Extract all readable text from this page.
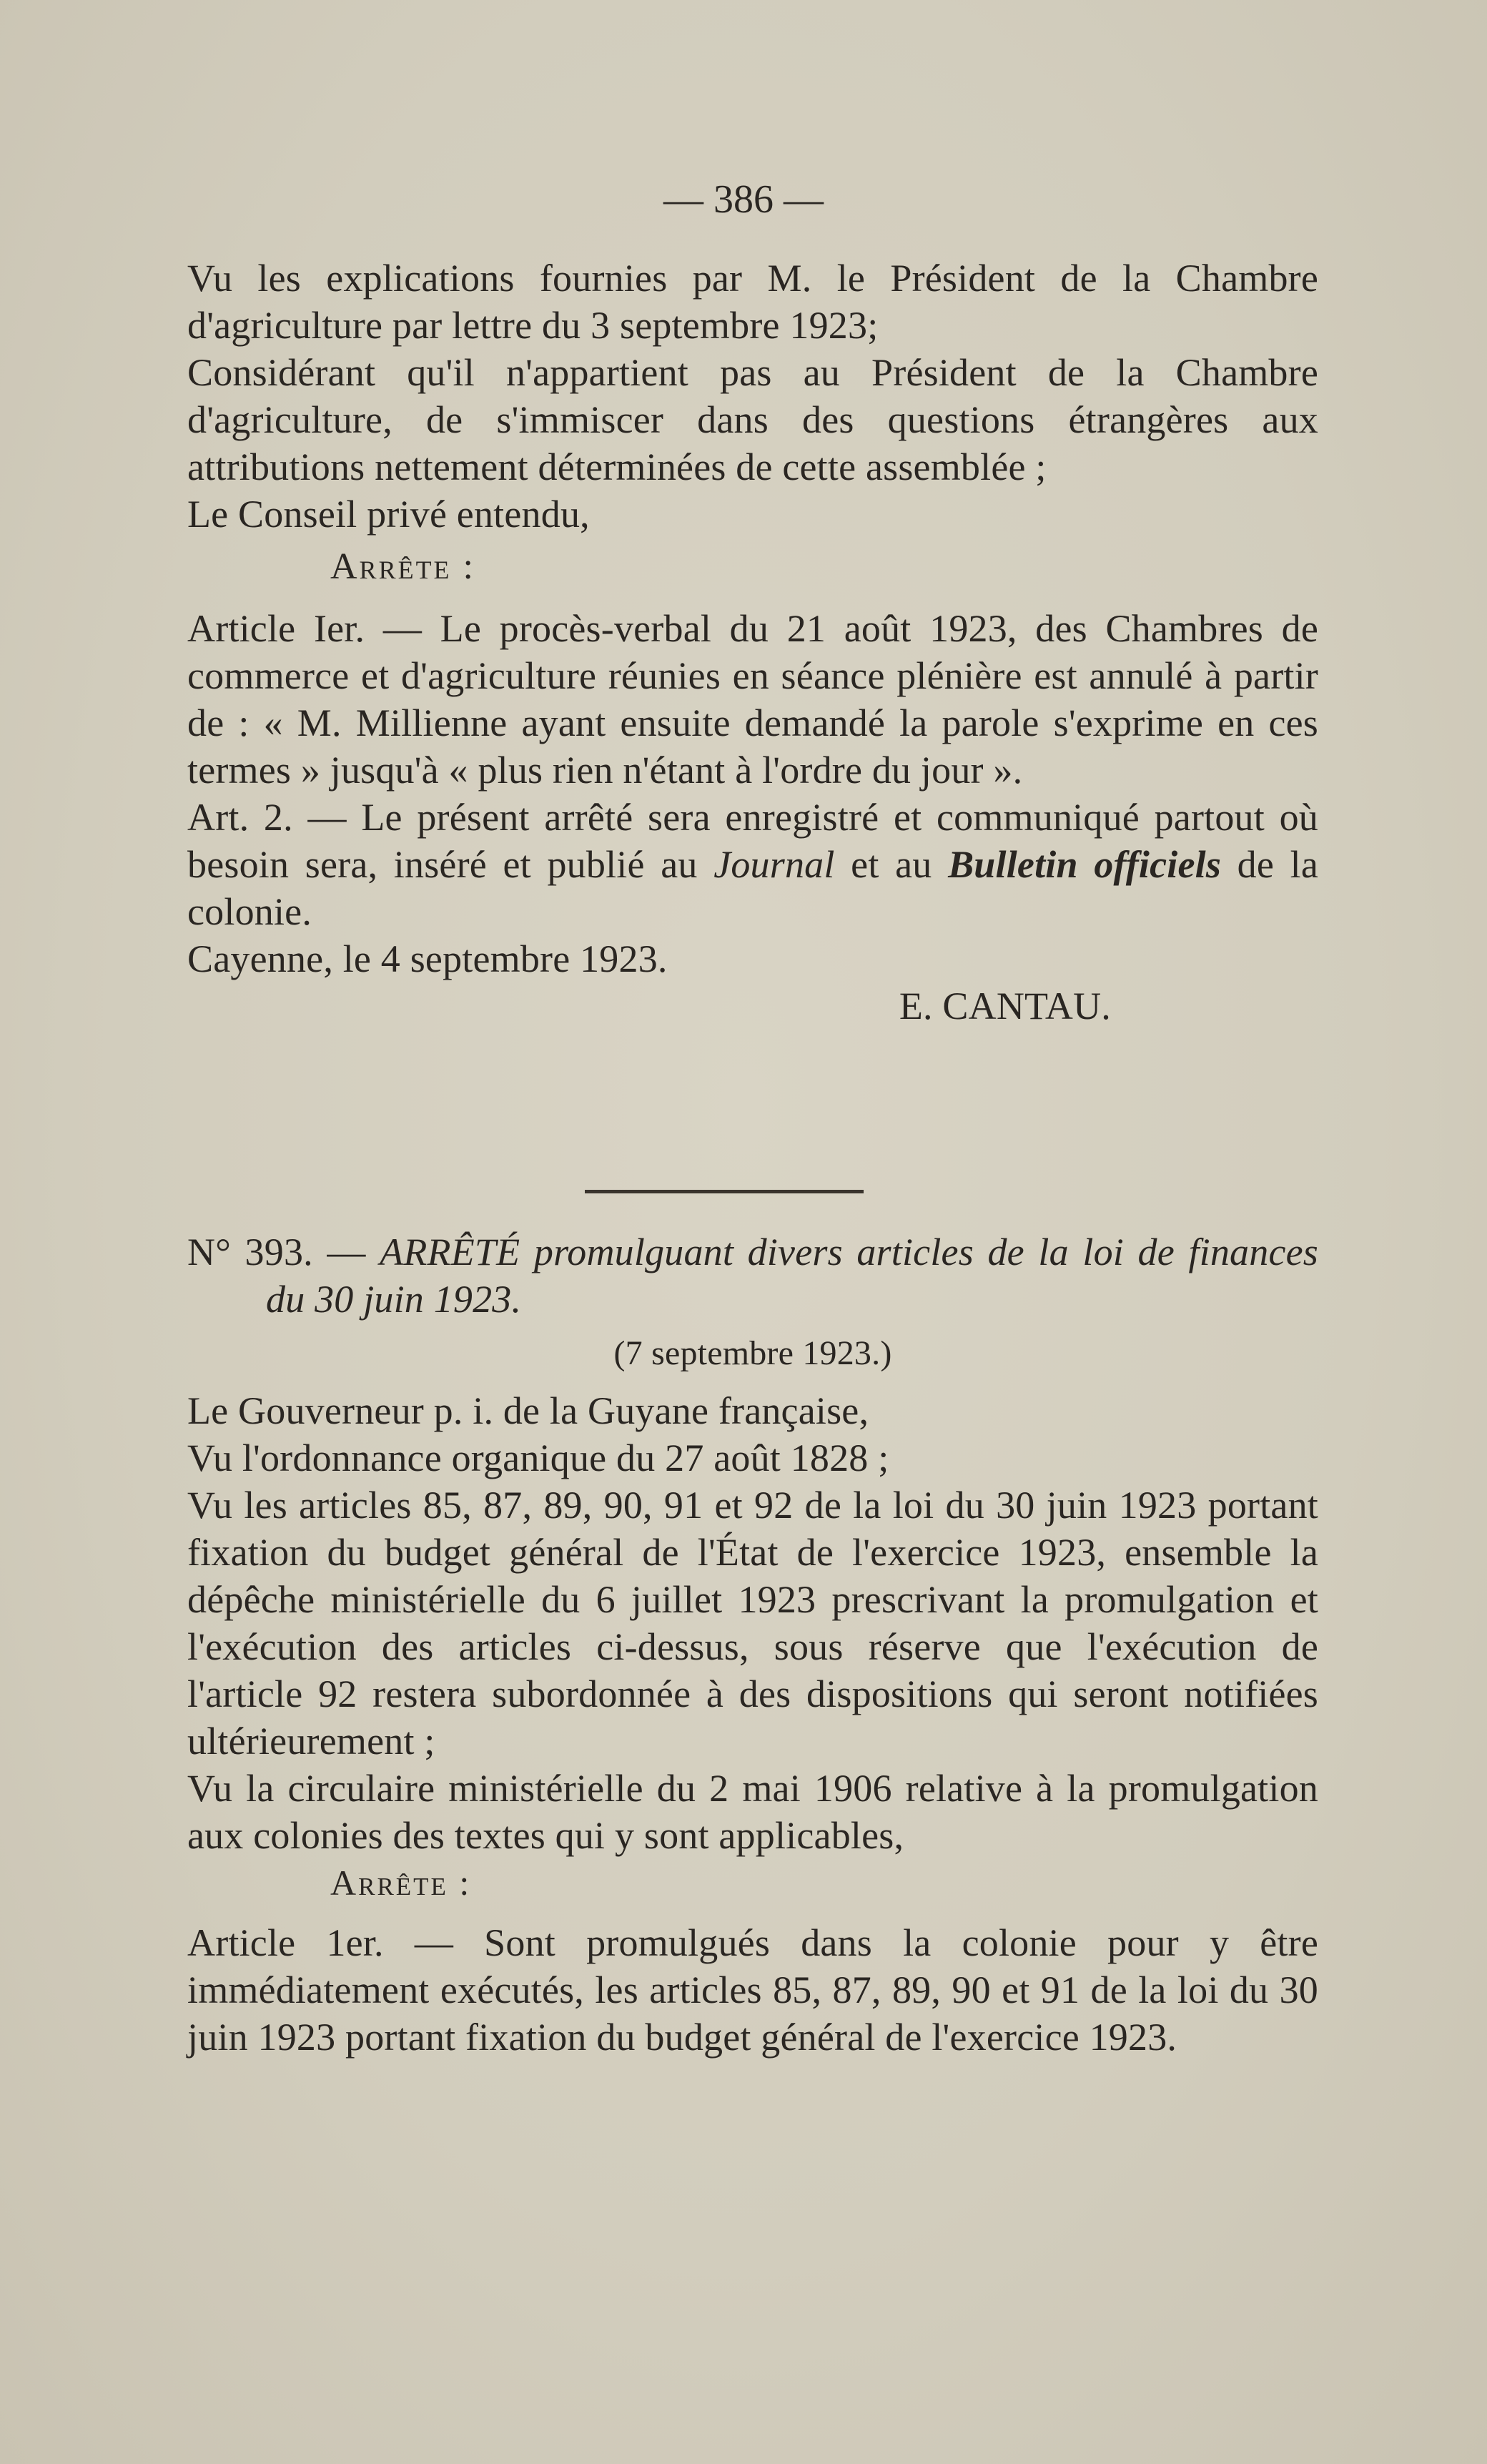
— 386 —

Vu les explications fournies par M. le Président de la Chambre d'agriculture par lettre du 3 septembre 1923;

Considérant qu'il n'appartient pas au Président de la Chambre d'agriculture, de s'immiscer dans des questions étrangères aux attributions nettement déterminées de cette assemblée ;

Le Conseil privé entendu,

Arrête :

Article Ier. — Le procès-verbal du 21 août 1923, des Chambres de commerce et d'agriculture réunies en séance plénière est annulé à partir de : « M. Millienne ayant ensuite demandé la parole s'exprime en ces termes » jusqu'à « plus rien n'étant à l'ordre du jour ».

Art. 2. — Le présent arrêté sera enregistré et communiqué partout où besoin sera, inséré et publié au Journal et au Bulletin officiels de la colonie.

Cayenne, le 4 septembre 1923.

E. CANTAU.

N° 393. — ARRÊTÉ promulguant divers articles de la loi de finances du 30 juin 1923.

(7 septembre 1923.)

Le Gouverneur p. i. de la Guyane française,

Vu l'ordonnance organique du 27 août 1828 ;

Vu les articles 85, 87, 89, 90, 91 et 92 de la loi du 30 juin 1923 portant fixation du budget général de l'État de l'exercice 1923, ensemble la dépêche ministérielle du 6 juillet 1923 prescrivant la promulgation et l'exécution des articles ci-dessus, sous réserve que l'exécution de l'article 92 restera subordonnée à des dispositions qui seront notifiées ultérieurement ;

Vu la circulaire ministérielle du 2 mai 1906 relative à la promulgation aux colonies des textes qui y sont applicables,

Arrête :

Article 1er. — Sont promulgués dans la colonie pour y être immédiatement exécutés, les articles 85, 87, 89, 90 et 91 de la loi du 30 juin 1923 portant fixation du budget général de l'exercice 1923.
